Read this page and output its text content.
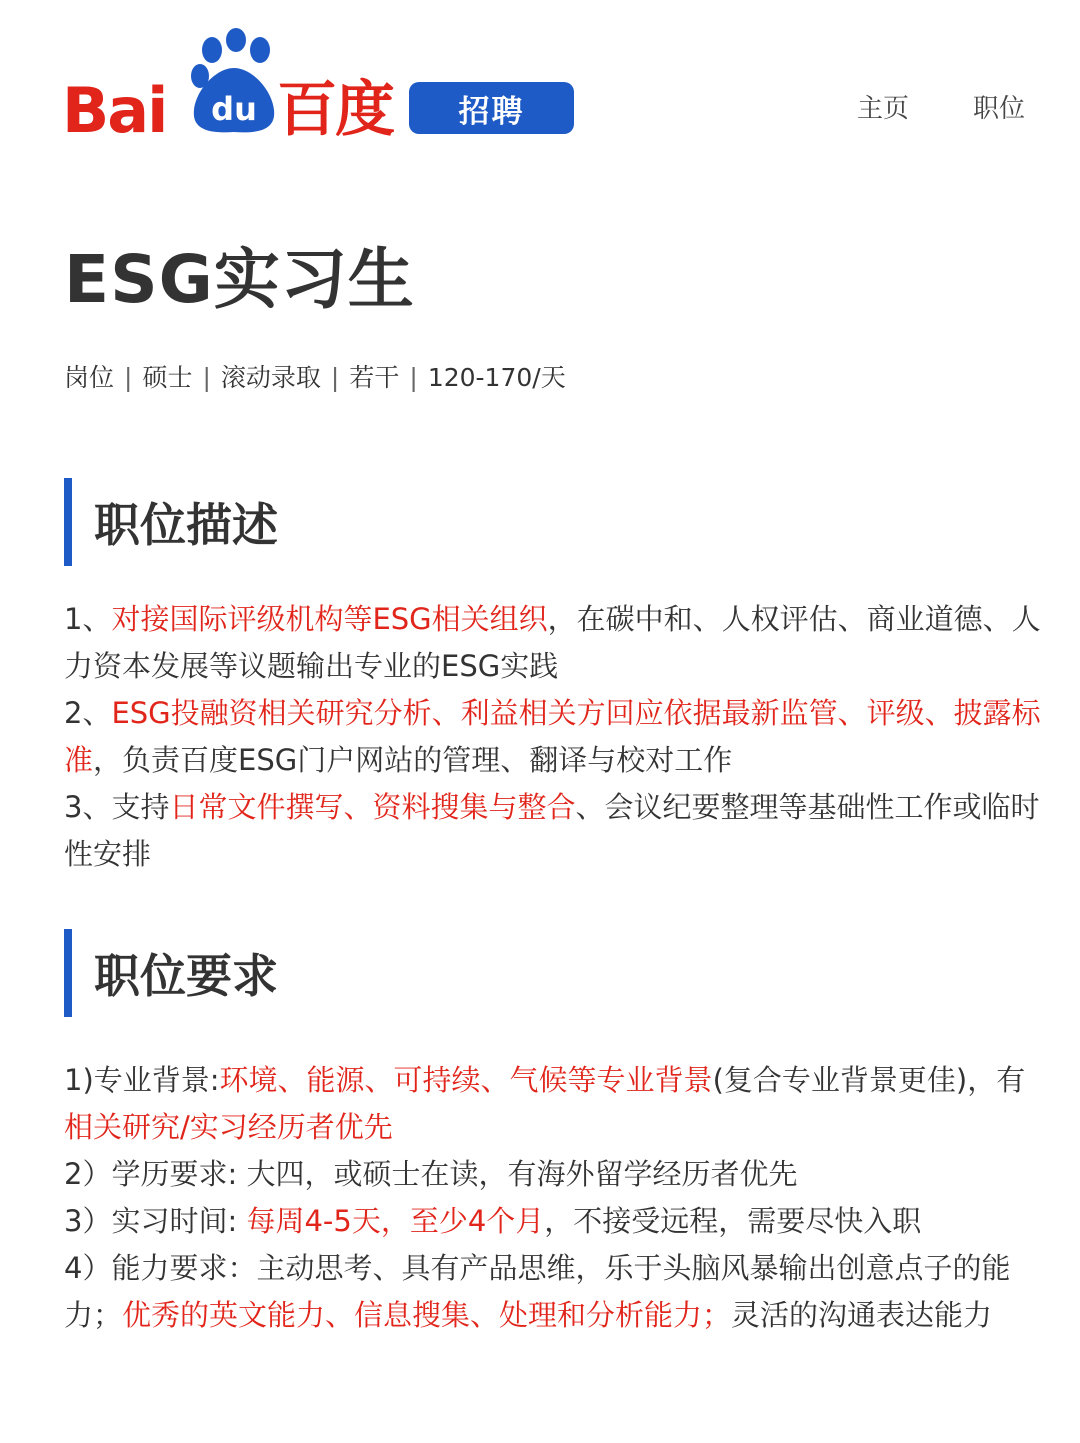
Bai du 百度	招聘	主页 职位
ESG实习生
岗位 | 硕士 | 滚动录取 | 若干 | 120-170/天
职位描述

1、对接国际评级机构等ESG相关组织，在碳中和、人权评估、商业道德、人力资本发展等议题输出专业的ESG实践

2、ESG投融资相关研究分析、利益相关方回应依据最新监管、评级、披露标准，负责百度ESG门户网站的管理、翻译与校对工作

3、支持日常文件撰写、资料搜集与整合、会议纪要整理等基础性工作或临时性安排

职位要求

1)专业背景:环境、能源、可持续、气候等专业背景(复合专业背景更佳)，有相关研究/实习经历者优先

2）学历要求: 大四，或硕士在读，有海外留学经历者优先

3）实习时间: 每周4-5天，至少4个月，不接受远程，需要尽快入职

4）能力要求：主动思考、具有产品思维，乐于头脑风暴输出创意点子的能力；优秀的英文能力、信息搜集、处理和分析能力；灵活的沟通表达能力
